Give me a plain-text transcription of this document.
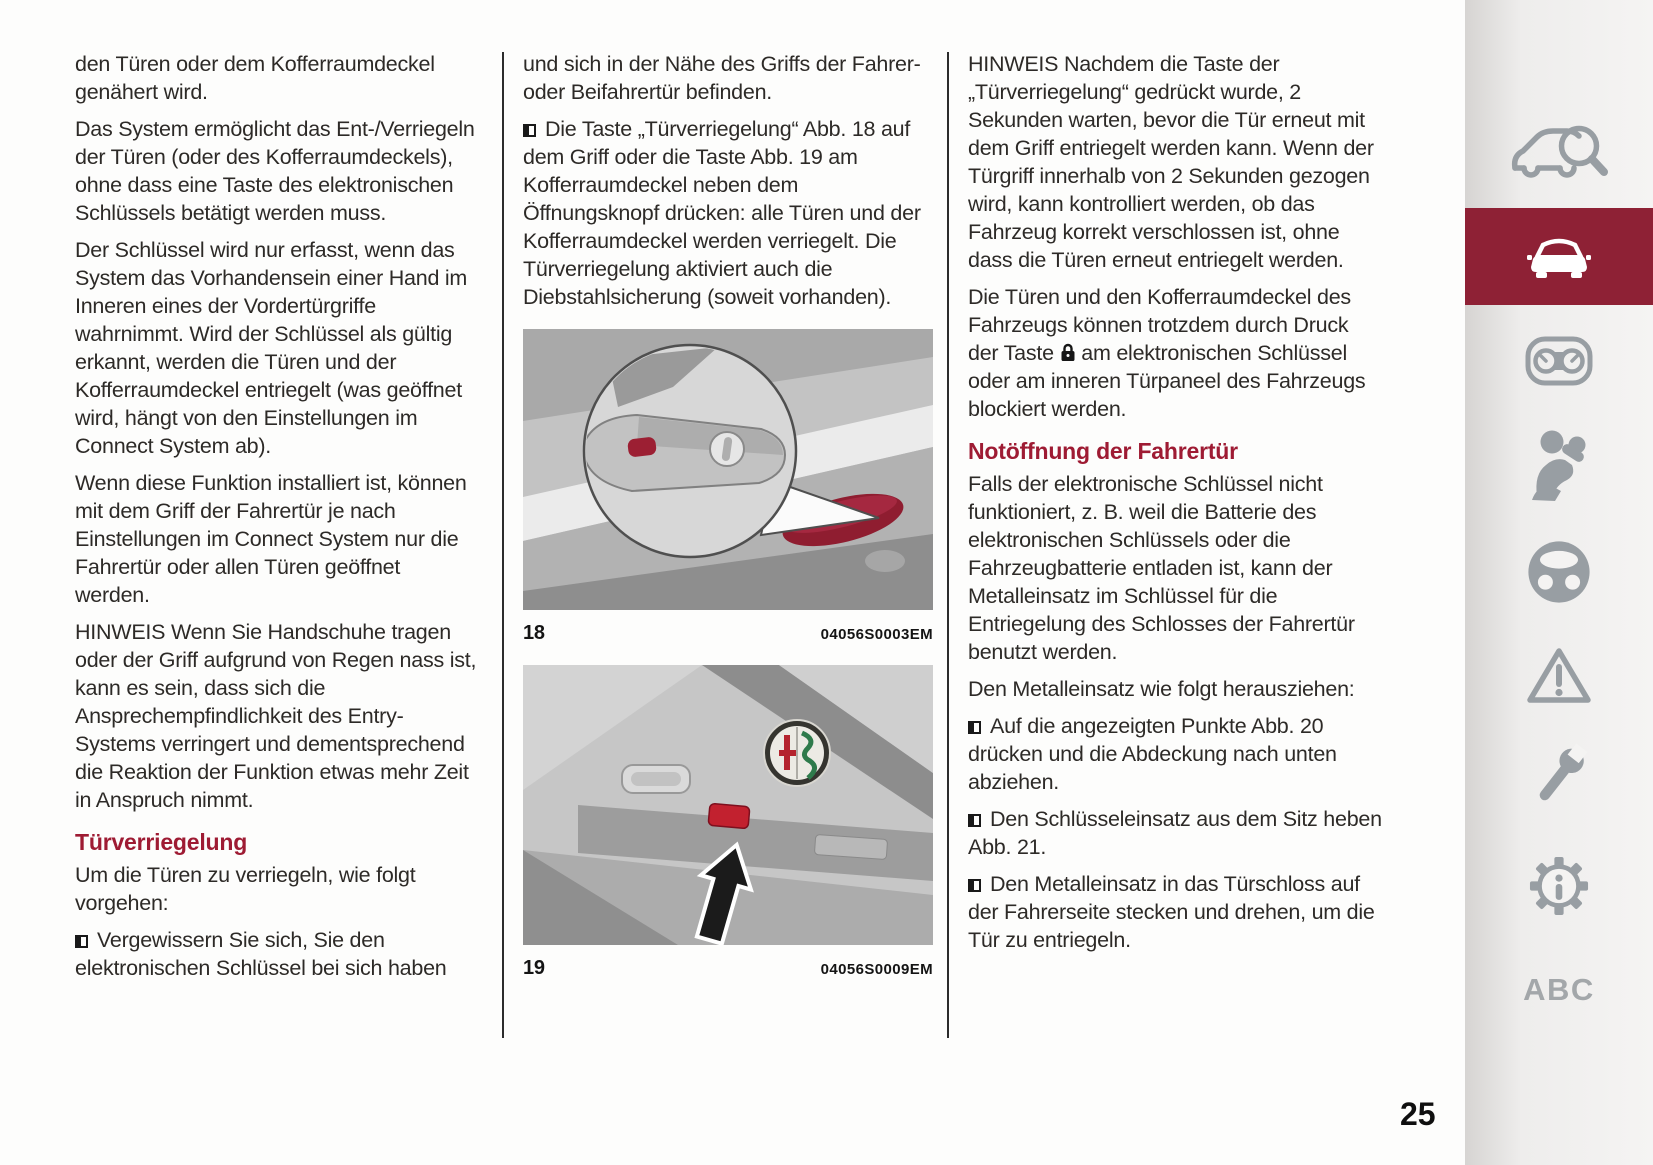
den Türen oder dem Kofferraumdeckel genähert wird.

Das System ermöglicht das Ent-/Verriegeln der Türen (oder des Kofferraumdeckels), ohne dass eine Taste des elektronischen Schlüssels betätigt werden muss.

Der Schlüssel wird nur erfasst, wenn das System das Vorhandensein einer Hand im Inneren eines der Vordertürgriffe wahrnimmt. Wird der Schlüssel als gültig erkannt, werden die Türen und der Kofferraumdeckel entriegelt (was geöffnet wird, hängt von den Einstellungen im Connect System ab).

Wenn diese Funktion installiert ist, können mit dem Griff der Fahrertür je nach Einstellungen im Connect System nur die Fahrertür oder allen Türen geöffnet werden.

HINWEIS Wenn Sie Handschuhe tragen oder der Griff aufgrund von Regen nass ist, kann es sein, dass sich die Ansprechempfindlichkeit des Entry-Systems verringert und dementsprechend die Reaktion der Funktion etwas mehr Zeit in Anspruch nimmt.

Türverriegelung

Um die Türen zu verriegeln, wie folgt vorgehen:

Vergewissern Sie sich, Sie den elektronischen Schlüssel bei sich haben

und sich in der Nähe des Griffs der Fahrer- oder Beifahrertür befinden.

Die Taste „Türverriegelung“ Abb. 18 auf dem Griff oder die Taste Abb. 19 am Kofferraumdeckel neben dem Öffnungsknopf drücken: alle Türen und der Kofferraumdeckel werden verriegelt. Die Türverriegelung aktiviert auch die Diebstahlsicherung (soweit vorhanden).

18	04056S0003EM
19	04056S0009EM

HINWEIS Nachdem die Taste der „Türverriegelung“ gedrückt wurde, 2 Sekunden warten, bevor die Tür erneut mit dem Griff entriegelt werden kann. Wenn der Türgriff innerhalb von 2 Sekunden gezogen wird, kann kontrolliert werden, ob das Fahrzeug korrekt verschlossen ist, ohne dass die Türen erneut entriegelt werden.

Die Türen und den Kofferraumdeckel des Fahrzeugs können trotzdem durch Druck der Taste  am elektronischen Schlüssel oder am inneren Türpaneel des Fahrzeugs blockiert werden.

Notöffnung der Fahrertür

Falls der elektronische Schlüssel nicht funktioniert, z. B. weil die Batterie des elektronischen Schlüssels oder die Fahrzeugbatterie entladen ist, kann der Metalleinsatz im Schlüssel für die Entriegelung des Schlosses der Fahrertür benutzt werden.

Den Metalleinsatz wie folgt herausziehen:

Auf die angezeigten Punkte Abb. 20 drücken und die Abdeckung nach unten abziehen.

Den Schlüsseleinsatz aus dem Sitz heben Abb. 21.

Den Metalleinsatz in das Türschloss auf der Fahrerseite stecken und drehen, um die Tür zu entriegeln.

25
ABC
